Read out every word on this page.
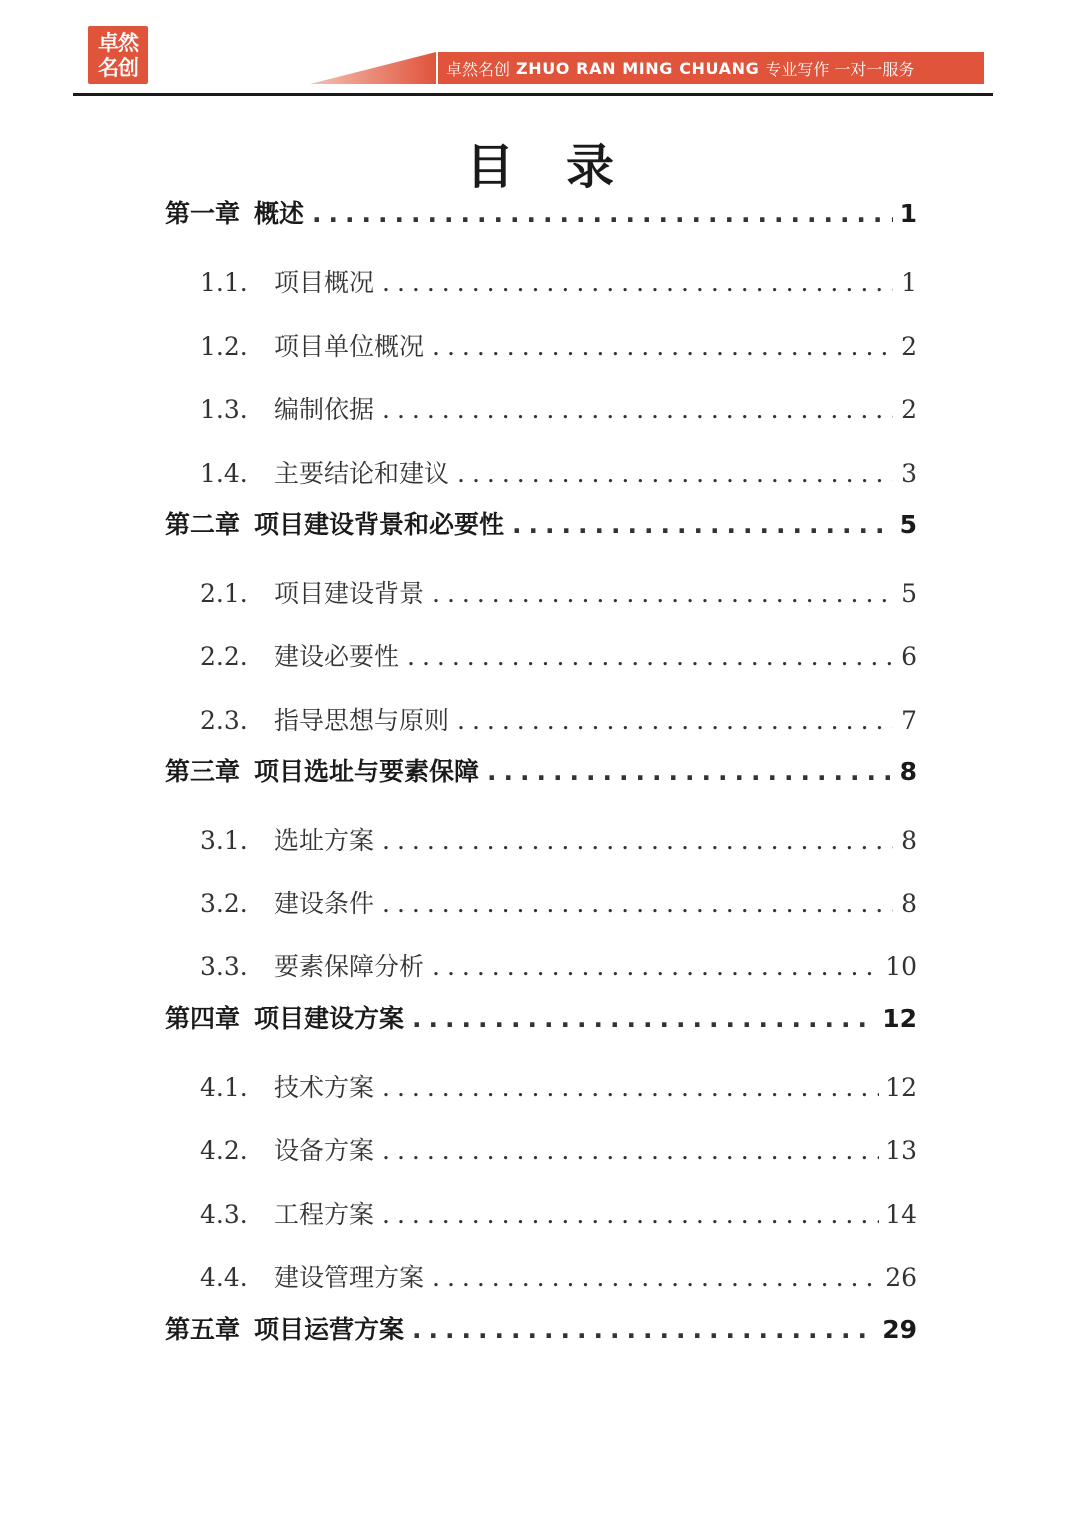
卓然名创	卓然名创 ZHUO RAN MING CHUANG 专业写作 一对一服务
目录
第一章 概述 .....	1
1.1.	项目概况 .....	1
1.2.	项目单位概况 .....	2
1.3.	编制依据 .....	2
1.4.	主要结论和建议 .....	3
第二章 项目建设背景和必要性 .....	5
2.1.	项目建设背景 .....	5
2.2.	建设必要性 .....	6
2.3.	指导思想与原则 .....	7
第三章 项目选址与要素保障 .....	8
3.1.	选址方案 .....	8
3.2.	建设条件 .....	8
3.3.	要素保障分析 .....	10
第四章 项目建设方案 .....	12
4.1.	技术方案 .....	12
4.2.	设备方案 .....	13
4.3.	工程方案 .....	14
4.4.	建设管理方案 .....	26
第五章 项目运营方案 .....	29
